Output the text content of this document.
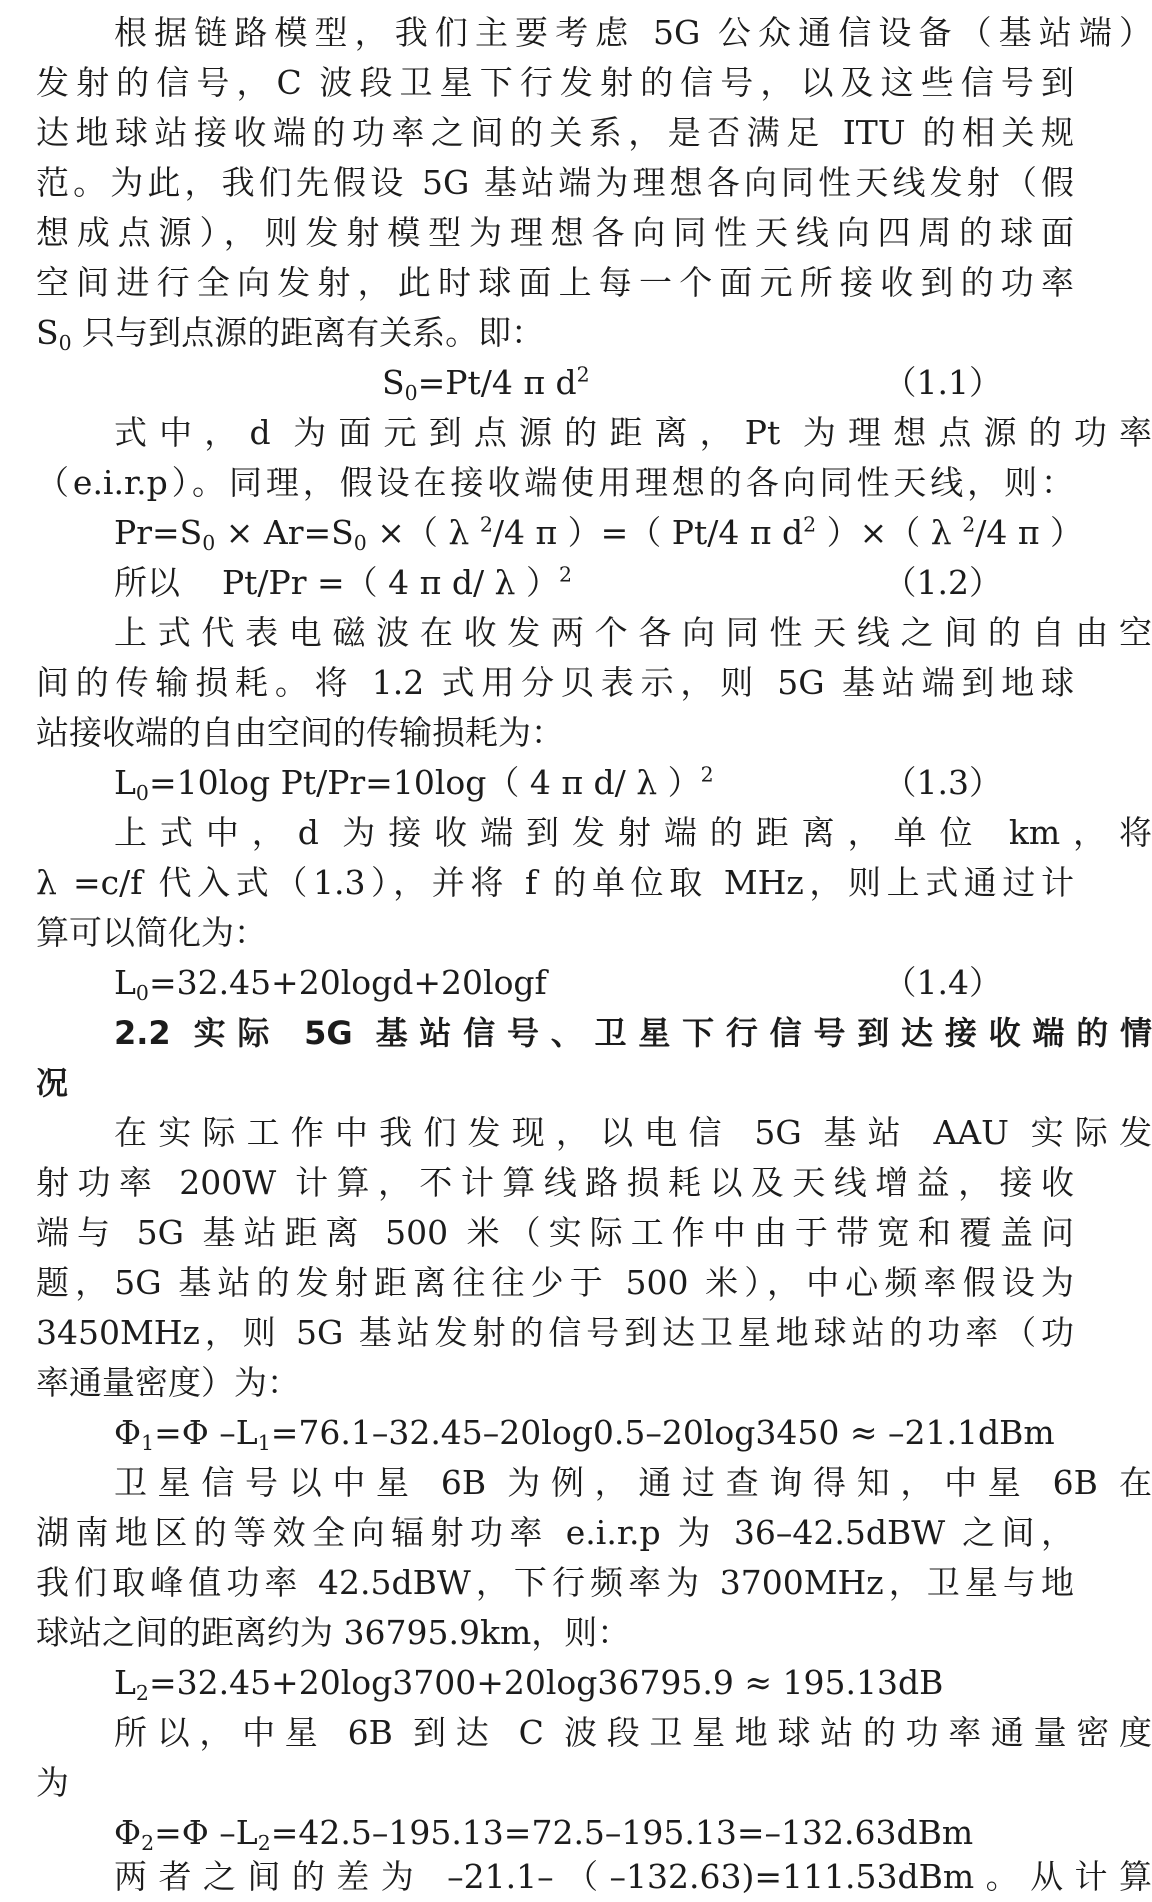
根据链路模型，我们主要考虑 5G 公众通信设备（基站端）
发射的信号，C 波段卫星下行发射的信号，以及这些信号到
达地球站接收端的功率之间的关系，是否满足 ITU 的相关规
范。为此，我们先假设 5G 基站端为理想各向同性天线发射（假
想成点源），则发射模型为理想各向同性天线向四周的球面
空间进行全向发射，此时球面上每一个面元所接收到的功率
$S_0$ 只与到点源的距离有关系。即：
$S_0=Pt/4$ π $d^2$	（1.1）
式中，d 为面元到点源的距离，Pt 为理想点源的功率
（e.i.r.p）。同理，假设在接收端使用理想的各向同性天线，则：
$Pr=S_0 \times Ar=S_0$ ×（ λ $^2$/4 π ）=（ Pt/4 π $d^2$ ）×（ λ $^2$/4 π ）
所以 Pt/Pr =（ 4 π d/ λ ）$^2$	（1.2）
上式代表电磁波在收发两个各向同性天线之间的自由空
间的传输损耗。将 1.2 式用分贝表示，则 5G 基站端到地球
站接收端的自由空间的传输损耗为：
$L_0=10\log$ Pt/Pr=10log（ 4 π d/ λ ）$^2$	（1.3）
上式中，d 为接收端到发射端的距离，单位 km，将
λ =c/f 代入式（1.3），并将 f 的单位取 MHz，则上式通过计
算可以简化为：
$L_0=32.45+20\log d+20\log f$	（1.4）
2.2 实际 5G 基站信号、卫星下行信号到达接收端的情
况
在实际工作中我们发现，以电信 5G 基站 AAU 实际发
射功率 200W 计算，不计算线路损耗以及天线增益，接收
端与 5G 基站距离 500 米（实际工作中由于带宽和覆盖问
题，5G 基站的发射距离往往少于 500 米），中心频率假设为
3450MHz，则 5G 基站发射的信号到达卫星地球站的功率（功
率通量密度）为：
$\Phi_1=\Phi$ $-L_1=76.1-32.45-20\log 0.5-20\log 3450 \approx -21.1dBm$
卫星信号以中星 6B 为例，通过查询得知，中星 6B 在
湖南地区的等效全向辐射功率 e.i.r.p 为 36–42.5dBW 之间，
我们取峰值功率 42.5dBW，下行频率为 3700MHz，卫星与地
球站之间的距离约为 36795.9km，则：
$L_2=32.45+20\log 3700+20\log 36795.9 \approx 195.13dB$
所以，中星 6B 到达 C 波段卫星地球站的功率通量密度
为
$\Phi_2=\Phi$ $-L_2=42.5-195.13=72.5-195.13=-132.63dBm$
两者之间的差为 –21.1–（–132.63)=111.53dBm。从计算
